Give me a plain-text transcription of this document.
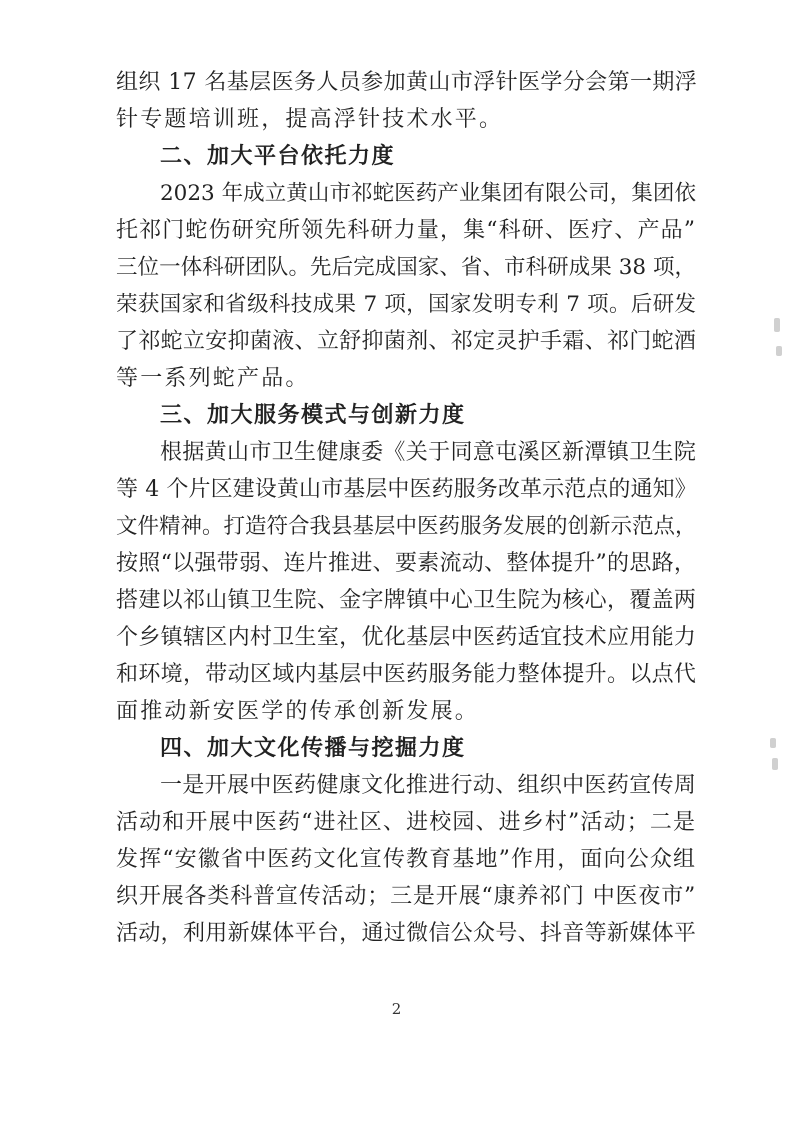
组织 17 名基层医务人员参加黄山市浮针医学分会第一期浮
针专题培训班，提高浮针技术水平。
二、加大平台依托力度
2023 年成立黄山市祁蛇医药产业集团有限公司，集团依
托祁门蛇伤研究所领先科研力量，集“科研、医疗、产品”
三位一体科研团队。先后完成国家、省、市科研成果 38 项，
荣获国家和省级科技成果 7 项，国家发明专利 7 项。后研发
了祁蛇立安抑菌液、立舒抑菌剂、祁定灵护手霜、祁门蛇酒
等一系列蛇产品。
三、加大服务模式与创新力度
根据黄山市卫生健康委《关于同意屯溪区新潭镇卫生院
等 4 个片区建设黄山市基层中医药服务改革示范点的通知》
文件精神。打造符合我县基层中医药服务发展的创新示范点，
按照“以强带弱、连片推进、要素流动、整体提升”的思路，
搭建以祁山镇卫生院、金字牌镇中心卫生院为核心，覆盖两
个乡镇辖区内村卫生室，优化基层中医药适宜技术应用能力
和环境，带动区域内基层中医药服务能力整体提升。以点代
面推动新安医学的传承创新发展。
四、加大文化传播与挖掘力度
一是开展中医药健康文化推进行动、组织中医药宣传周
活动和开展中医药“进社区、进校园、进乡村”活动；二是
发挥“安徽省中医药文化宣传教育基地”作用，面向公众组
织开展各类科普宣传活动；三是开展“康养祁门 中医夜市”
活动，利用新媒体平台，通过微信公众号、抖音等新媒体平
2
